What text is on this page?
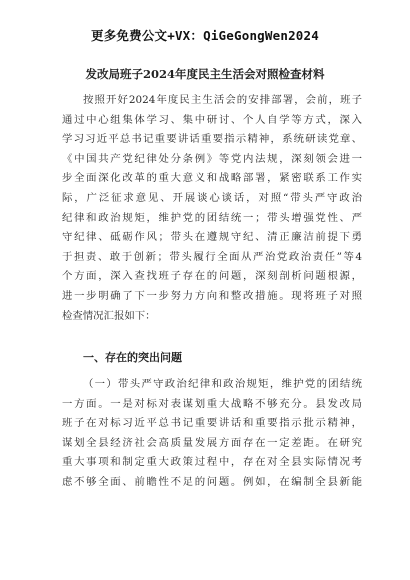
更多免费公文+VX：QiGeGongWen2024
发改局班子2024年度民主生活会对照检查材料
按照开好2024年度民主生活会的安排部署，会前，班子
通过中心组集体学习、集中研讨、个人自学等方式，深入
学习习近平总书记重要讲话重要指示精神，系统研读党章、
《中国共产党纪律处分条例》等党内法规，深刻领会进一
步全面深化改革的重大意义和战略部署，紧密联系工作实
际，广泛征求意见、开展谈心谈话，对照“带头严守政治
纪律和政治规矩，维护党的团结统一；带头增强党性、严
守纪律、砥砺作风；带头在遵规守纪、清正廉洁前提下勇
于担责、敢于创新；带头履行全面从严治党政治责任”等4
个方面，深入查找班子存在的问题，深刻剖析问题根源，
进一步明确了下一步努力方向和整改措施。现将班子对照
检查情况汇报如下：
一、存在的突出问题
（一）带头严守政治纪律和政治规矩，维护党的团结统
一方面。一是对标对表谋划重大战略不够充分。县发改局
班子在对标习近平总书记重要讲话和重要指示批示精神，
谋划全县经济社会高质量发展方面存在一定差距。在研究
重大事项和制定重大政策过程中，存在对全县实际情况考
虑不够全面、前瞻性不足的问题。例如，在编制全县新能
